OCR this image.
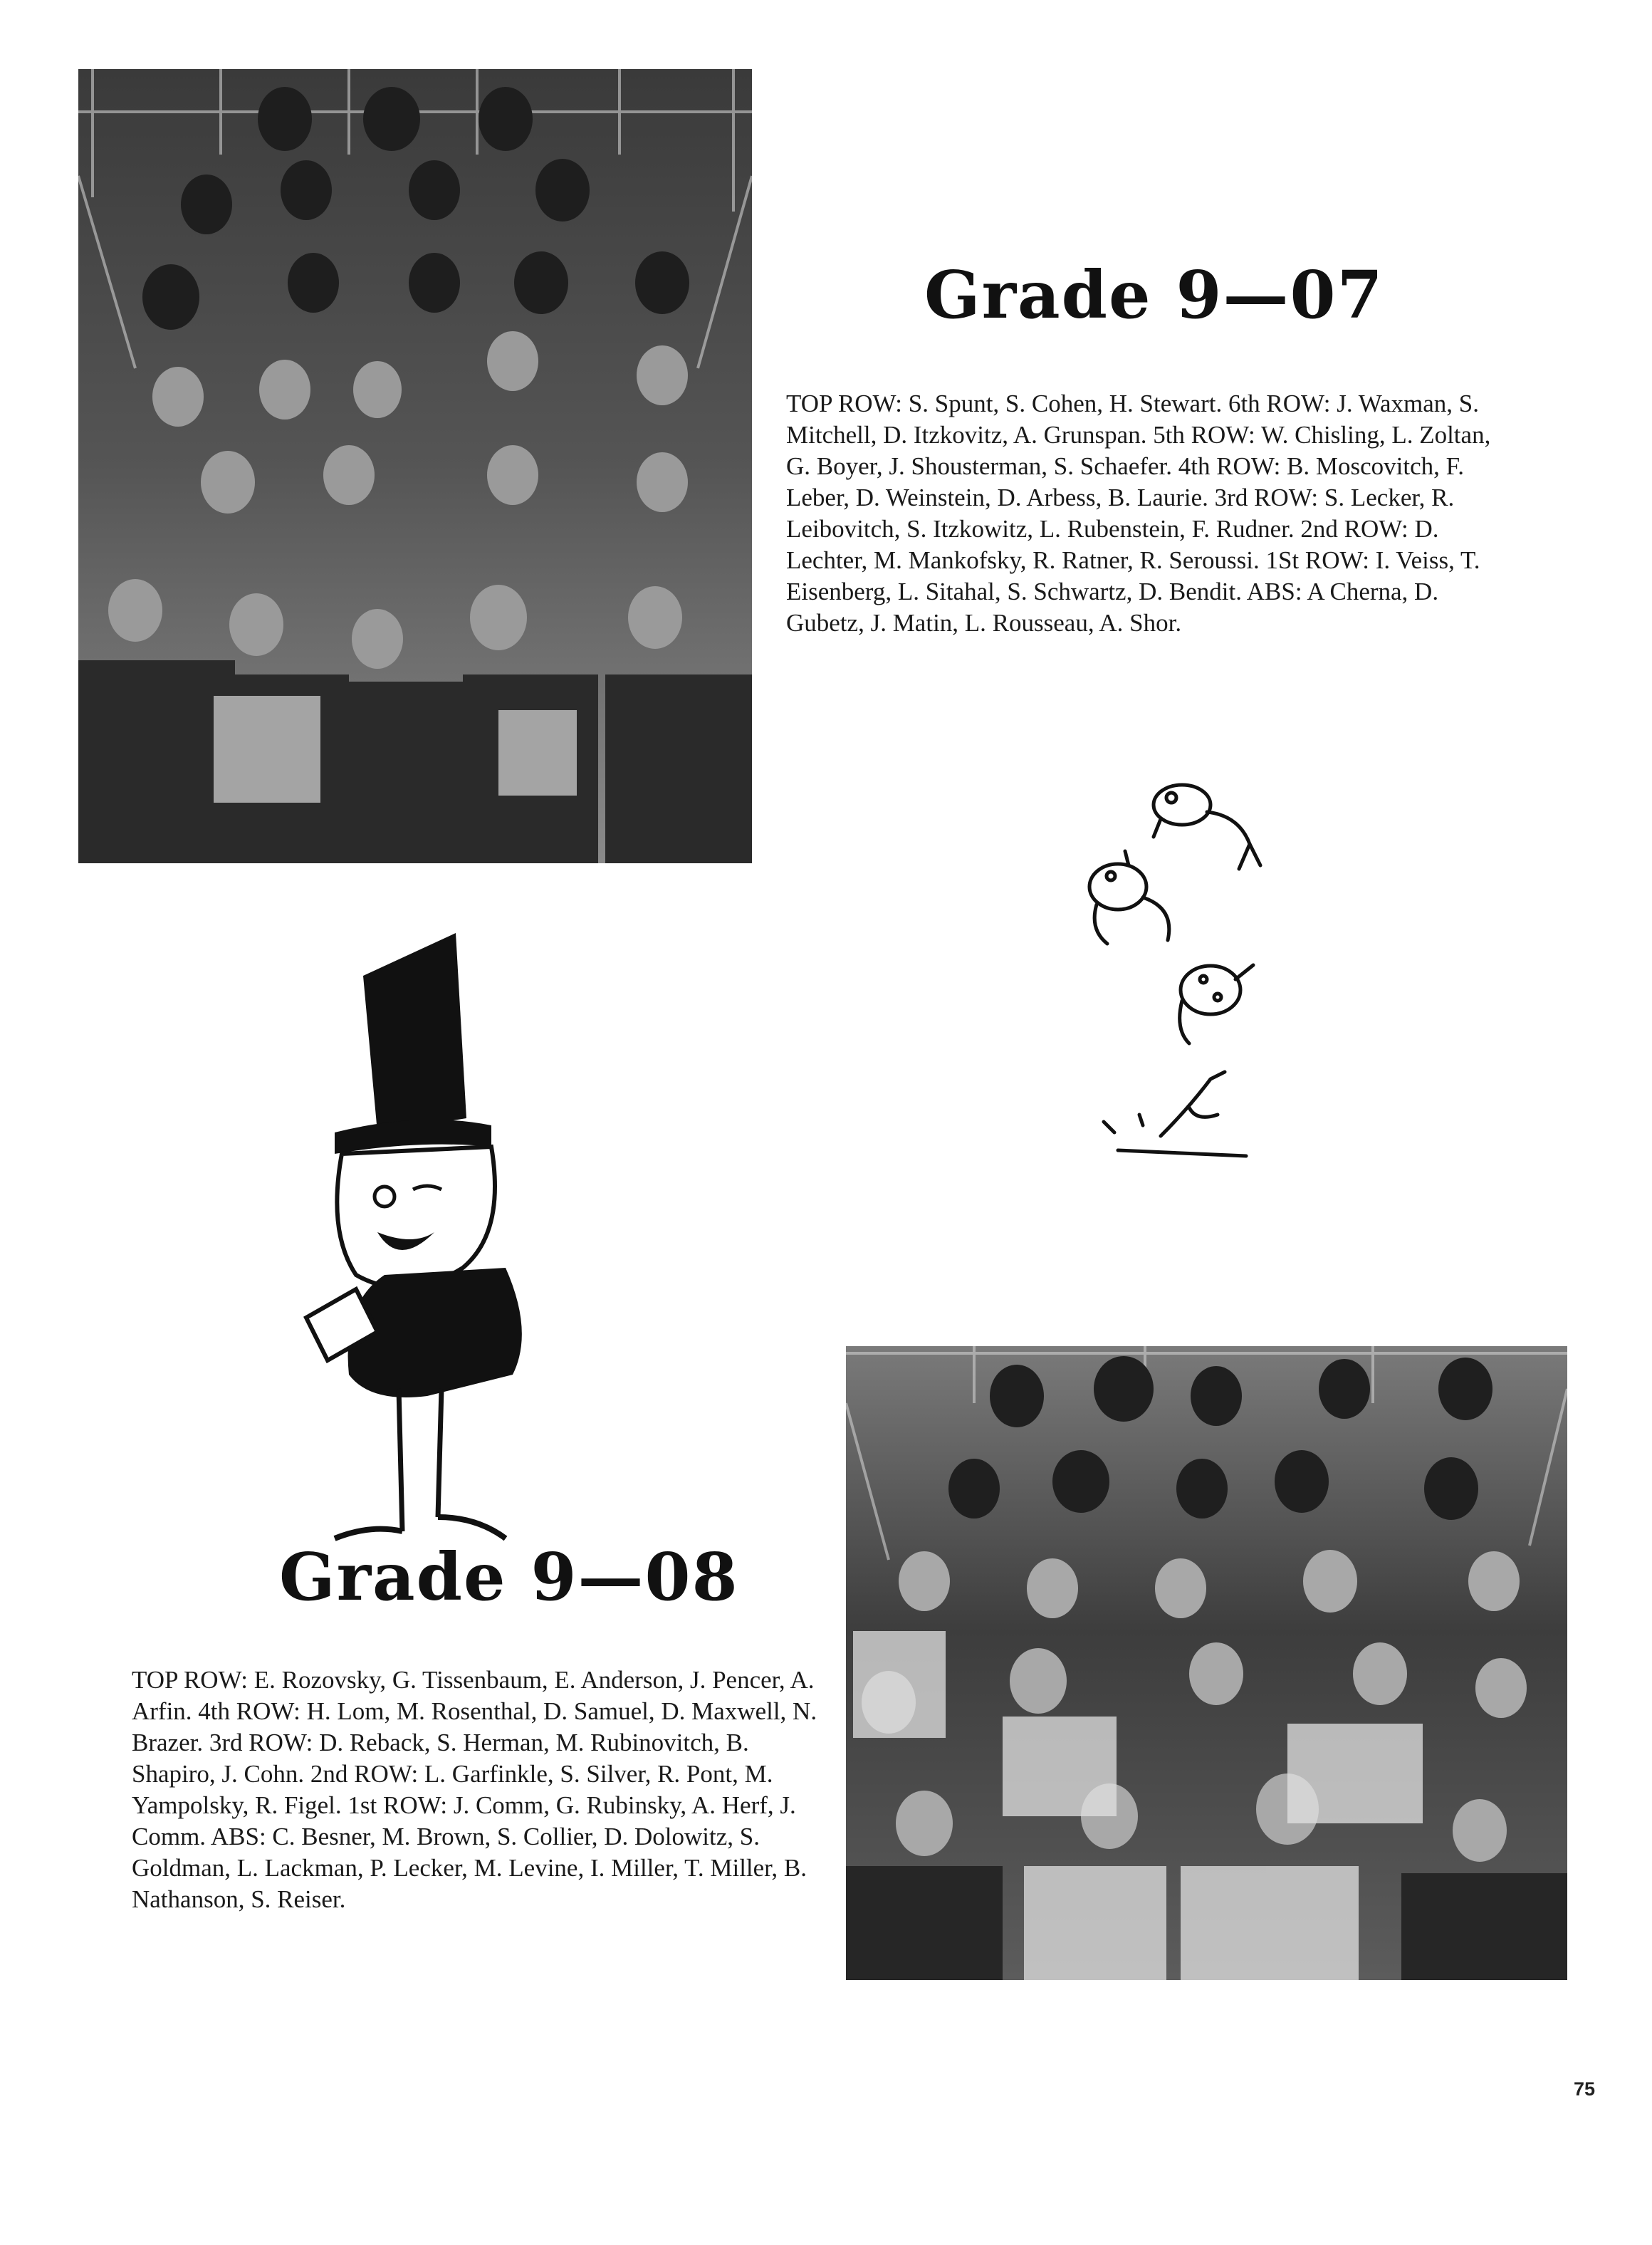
Grade 9—07
TOP ROW: S. Spunt, S. Cohen, H. Stewart. 6th ROW: J. Waxman, S. Mitchell, D. Itzkovitz, A. Grunspan. 5th ROW: W. Chisling, L. Zoltan, G. Boyer, J. Shousterman, S. Schaefer. 4th ROW: B. Moscovitch, F. Leber, D. Weinstein, D. Arbess, B. Laurie. 3rd ROW: S. Lecker, R. Leibovitch, S. Itzkowitz, L. Rubenstein, F. Rudner. 2nd ROW: D. Lechter, M. Mankofsky, R. Ratner, R. Seroussi. 1St ROW: I. Veiss, T. Eisenberg, L. Sitahal, S. Schwartz, D. Bendit. ABS: A Cherna, D. Gubetz, J. Matin, L. Rousseau, A. Shor.
Grade 9—08
TOP ROW: E. Rozovsky, G. Tissenbaum, E. Anderson, J. Pencer, A. Arfin. 4th ROW: H. Lom, M. Rosenthal, D. Samuel, D. Maxwell, N. Brazer. 3rd ROW: D. Reback, S. Herman, M. Rubinovitch, B. Shapiro, J. Cohn. 2nd ROW: L. Garfinkle, S. Silver, R. Pont, M. Yampolsky, R. Figel. 1st ROW: J. Comm, G. Rubinsky, A. Herf, J. Comm. ABS: C. Besner, M. Brown, S. Collier, D. Dolowitz, S. Goldman, L. Lackman, P. Lecker, M. Levine, I. Miller, T. Miller, B. Nathanson, S. Reiser.
75
